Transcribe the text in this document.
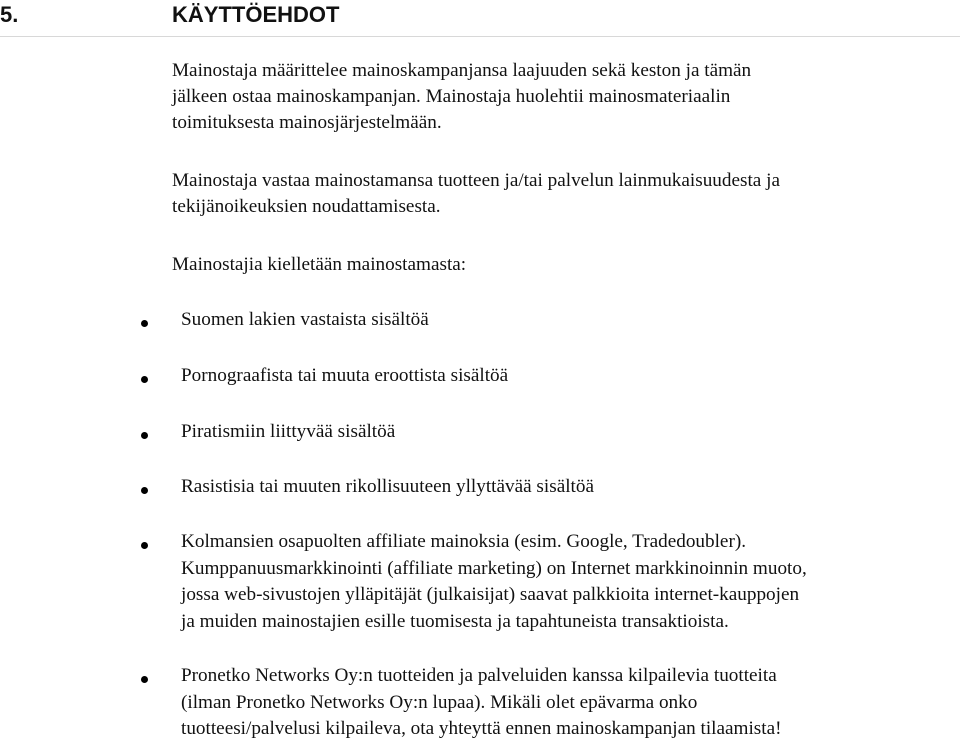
5.	KÄYTTÖEHDOT

Mainostaja määrittelee mainoskampanjansa laajuuden sekä keston ja tämän
jälkeen ostaa mainoskampanjan. Mainostaja huolehtii mainosmateriaalin
toimituksesta mainosjärjestelmään.

Mainostaja vastaa mainostamansa tuotteen ja/tai palvelun lainmukaisuudesta ja
tekijänoikeuksien noudattamisesta.

Mainostajia kielletään mainostamasta:

Suomen lakien vastaista sisältöä

Pornograafista tai muuta eroottista sisältöä

Piratismiin liittyvää sisältöä

Rasistisia tai muuten rikollisuuteen yllyttävää sisältöä

Kolmansien osapuolten affiliate mainoksia (esim. Google, Tradedoubler).
Kumppanuusmarkkinointi (affiliate marketing) on Internet markkinoinnin muoto,
jossa web-sivustojen ylläpitäjät (julkaisijat) saavat palkkioita internet-kauppojen
ja muiden mainostajien esille tuomisesta ja tapahtuneista transaktioista.

Pronetko Networks Oy:n tuotteiden ja palveluiden kanssa kilpailevia tuotteita
(ilman Pronetko Networks Oy:n lupaa). Mikäli olet epävarma onko
tuotteesi/palvelusi kilpaileva, ota yhteyttä ennen mainoskampanjan tilaamista!
